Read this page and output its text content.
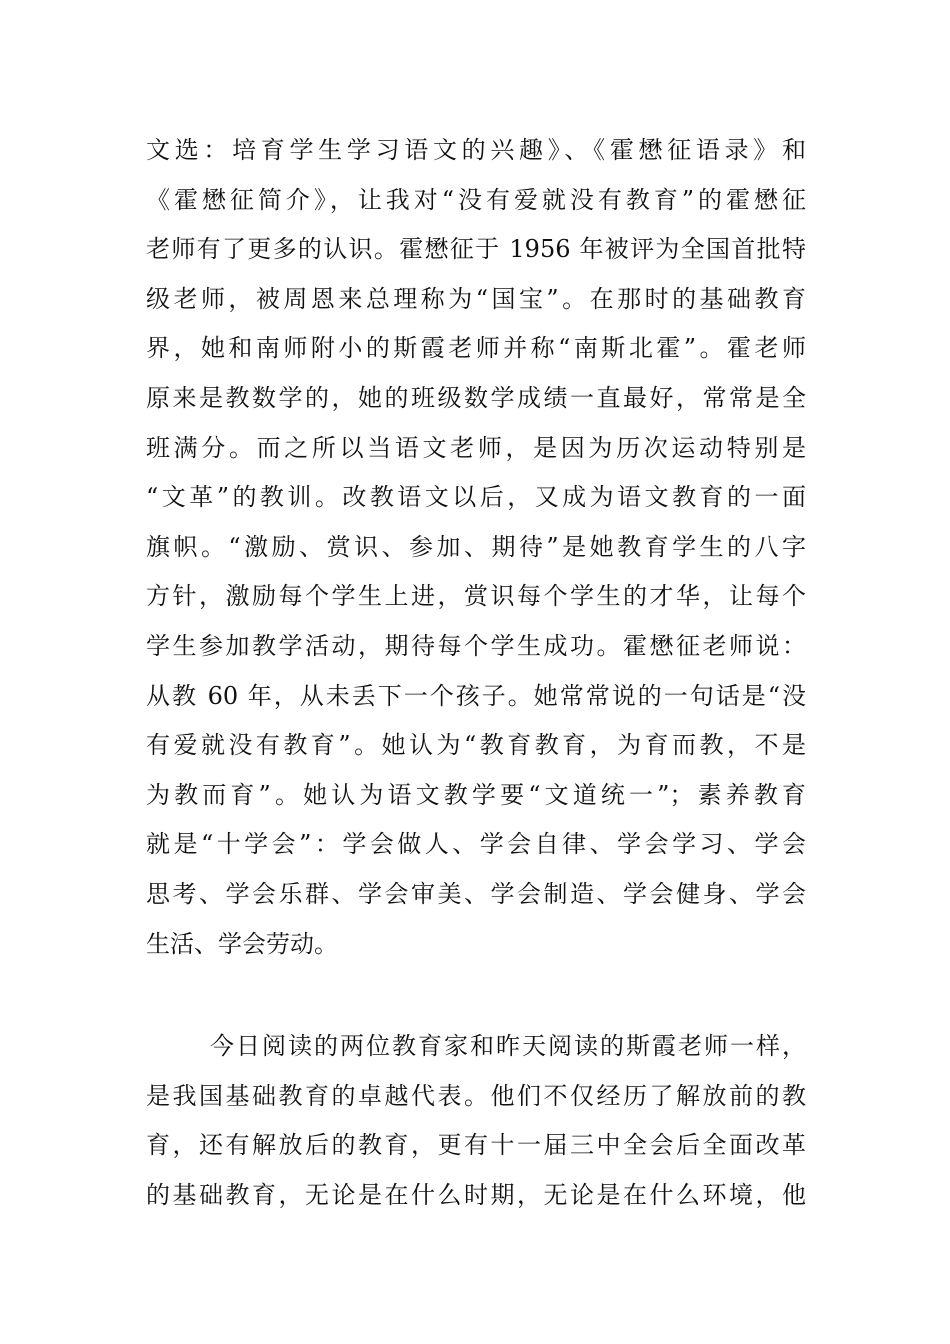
文选：培育学生学习语文的兴趣》、《霍懋征语录》和
《霍懋征简介》，让我对“没有爱就没有教育”的霍懋征
老师有了更多的认识。霍懋征于 1956 年被评为全国首批特
级老师，被周恩来总理称为“国宝”。在那时的基础教育
界，她和南师附小的斯霞老师并称“南斯北霍”。霍老师
原来是教数学的，她的班级数学成绩一直最好，常常是全
班满分。而之所以当语文老师，是因为历次运动特别是
“文革”的教训。改教语文以后，又成为语文教育的一面
旗帜。“激励、赏识、参加、期待”是她教育学生的八字
方针，激励每个学生上进，赏识每个学生的才华，让每个
学生参加教学活动，期待每个学生成功。霍懋征老师说：
从教 60 年，从未丢下一个孩子。她常常说的一句话是“没
有爱就没有教育”。她认为“教育教育，为育而教，不是
为教而育”。她认为语文教学要“文道统一”；素养教育
就是“十学会”：学会做人、学会自律、学会学习、学会
思考、学会乐群、学会审美、学会制造、学会健身、学会
生活、学会劳动。
今日阅读的两位教育家和昨天阅读的斯霞老师一样，
是我国基础教育的卓越代表。他们不仅经历了解放前的教
育，还有解放后的教育，更有十一届三中全会后全面改革
的基础教育，无论是在什么时期，无论是在什么环境，他
